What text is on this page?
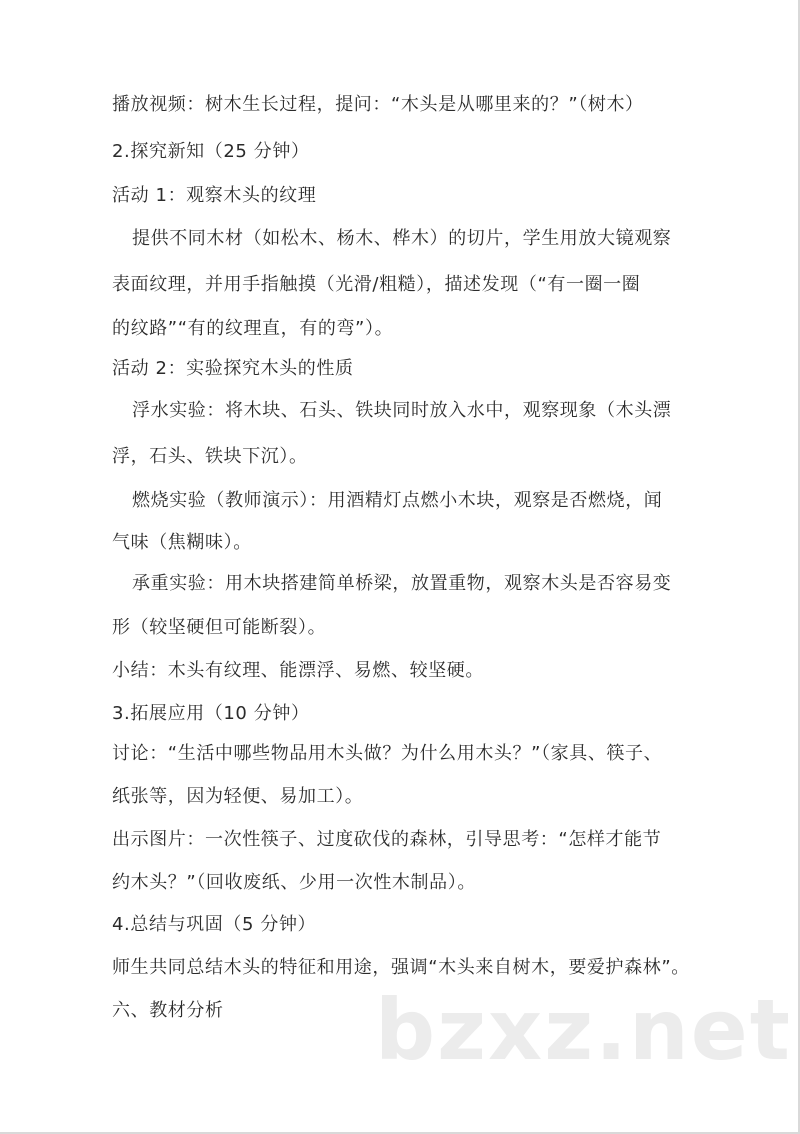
播放视频：树木生长过程，提问：“木头是从哪里来的？”（树木）
2.探究新知（25 分钟）
活动 1：观察木头的纹理
提供不同木材（如松木、杨木、桦木）的切片，学生用放大镜观察
表面纹理，并用手指触摸（光滑/粗糙），描述发现（“有一圈一圈
的纹路”“有的纹理直，有的弯”）。
活动 2：实验探究木头的性质
浮水实验：将木块、石头、铁块同时放入水中，观察现象（木头漂
浮，石头、铁块下沉）。
燃烧实验（教师演示）：用酒精灯点燃小木块，观察是否燃烧，闻
气味（焦糊味）。
承重实验：用木块搭建简单桥梁，放置重物，观察木头是否容易变
形（较坚硬但可能断裂）。
小结：木头有纹理、能漂浮、易燃、较坚硬。
3.拓展应用（10 分钟）
讨论：“生活中哪些物品用木头做？为什么用木头？”（家具、筷子、
纸张等，因为轻便、易加工）。
出示图片：一次性筷子、过度砍伐的森林，引导思考：“怎样才能节
约木头？”（回收废纸、少用一次性木制品）。
4.总结与巩固（5 分钟）
师生共同总结木头的特征和用途，强调“木头来自树木，要爱护森林”。
六、教材分析 bzxz.net
